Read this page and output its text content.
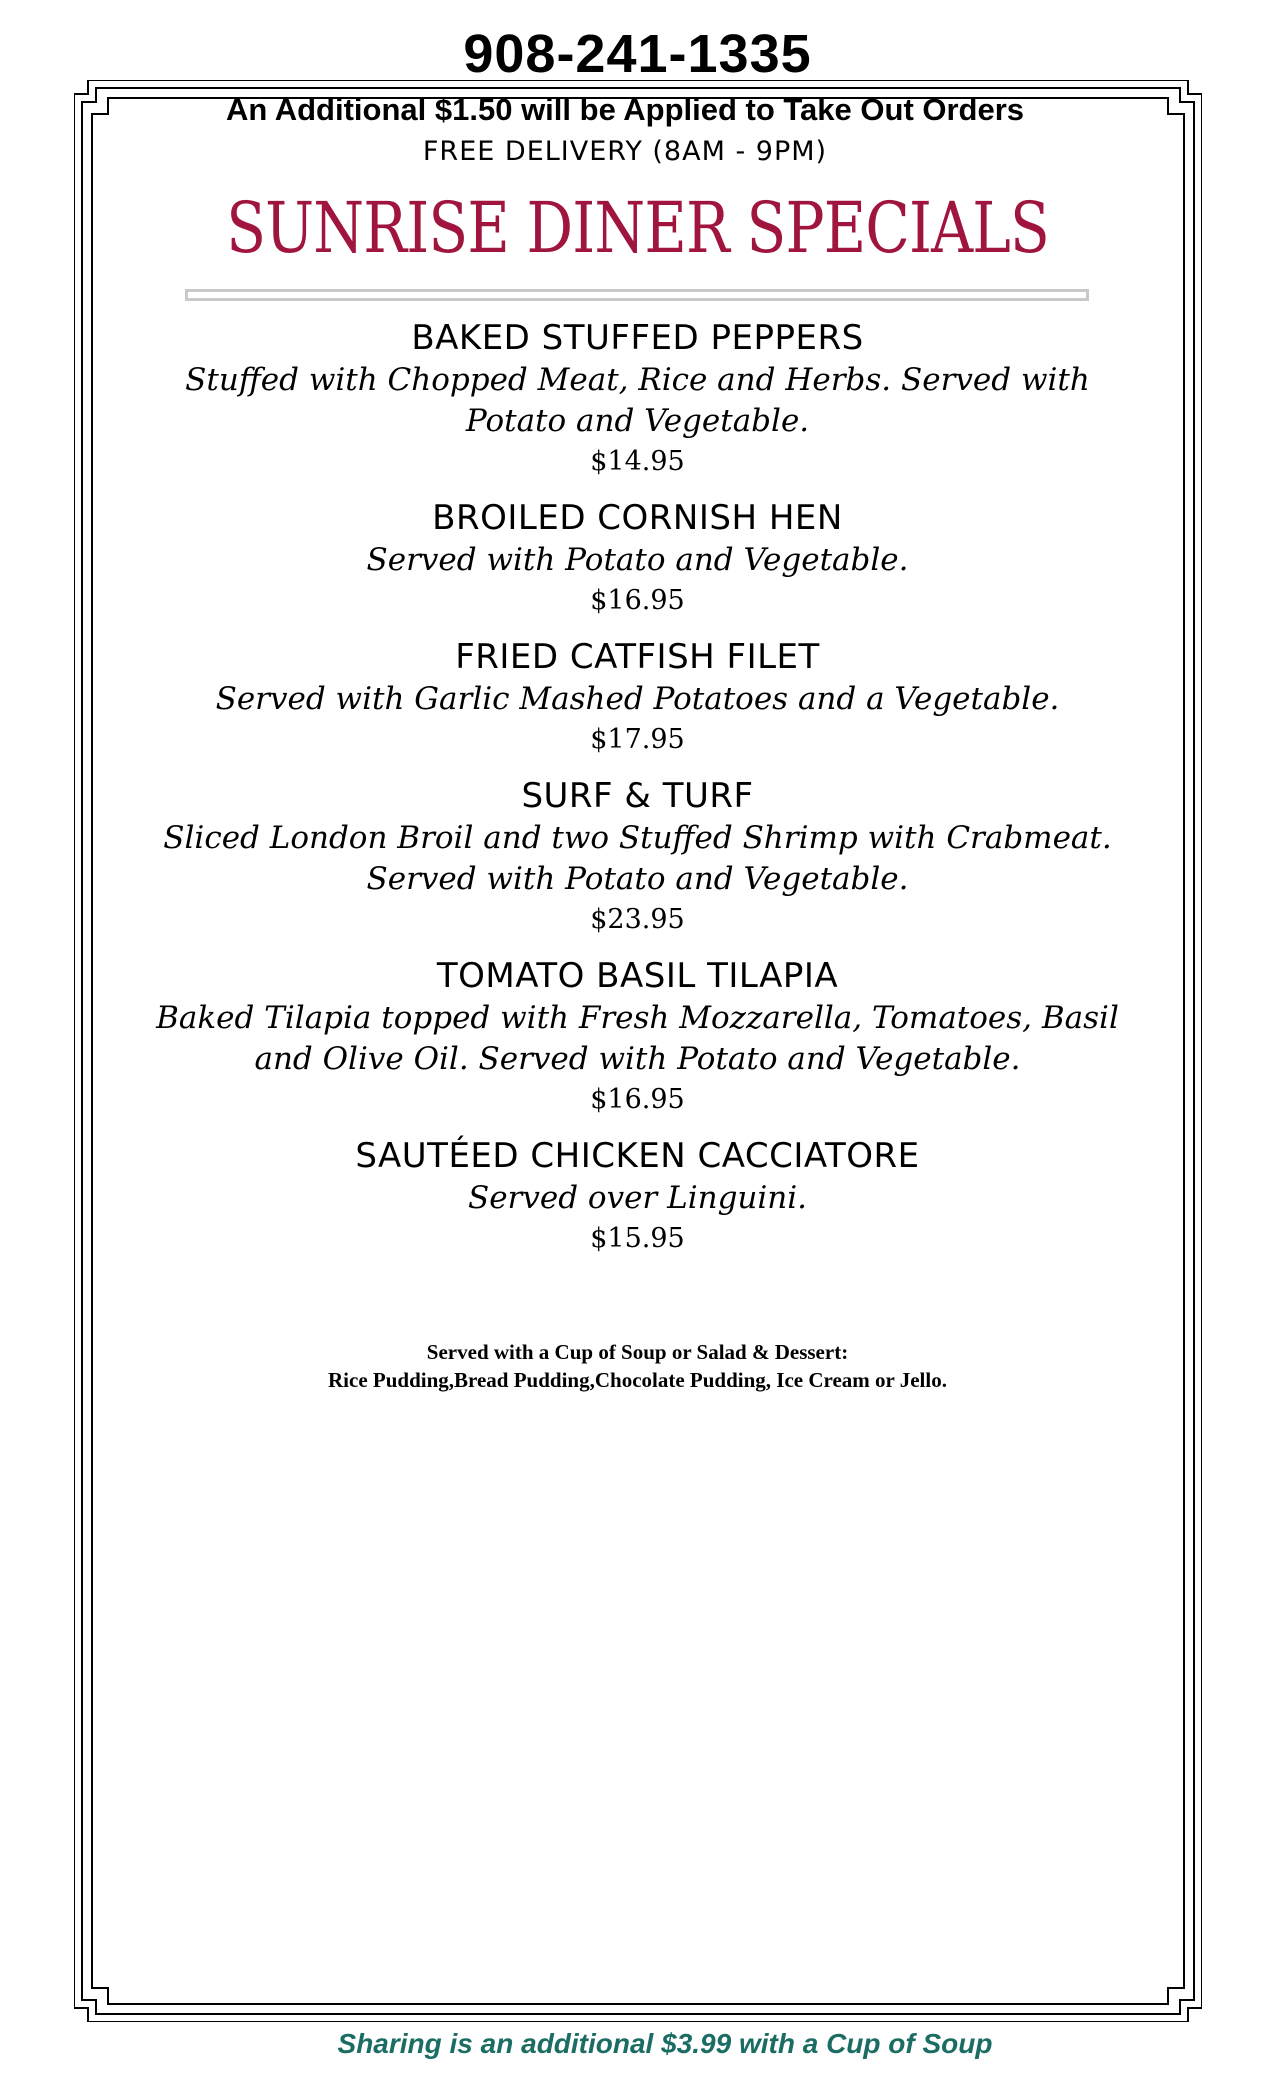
908-241-1335
An Additional $1.50 will be Applied to Take Out Orders
FREE DELIVERY (8AM - 9PM)
SUNRISE DINER SPECIALS
BAKED STUFFED PEPPERS
Stuffed with Chopped Meat, Rice and Herbs. Served with
Potato and Vegetable.
$14.95
BROILED CORNISH HEN
Served with Potato and Vegetable.
$16.95
FRIED CATFISH FILET
Served with Garlic Mashed Potatoes and a Vegetable.
$17.95
SURF & TURF
Sliced London Broil and two Stuffed Shrimp with Crabmeat.
Served with Potato and Vegetable.
$23.95
TOMATO BASIL TILAPIA
Baked Tilapia topped with Fresh Mozzarella, Tomatoes, Basil
and Olive Oil. Served with Potato and Vegetable.
$16.95
SAUTÉED CHICKEN CACCIATORE
Served over Linguini.
$15.95
Served with a Cup of Soup or Salad & Dessert:
Rice Pudding,Bread Pudding,Chocolate Pudding, Ice Cream or Jello.
Sharing is an additional $3.99 with a Cup of Soup
